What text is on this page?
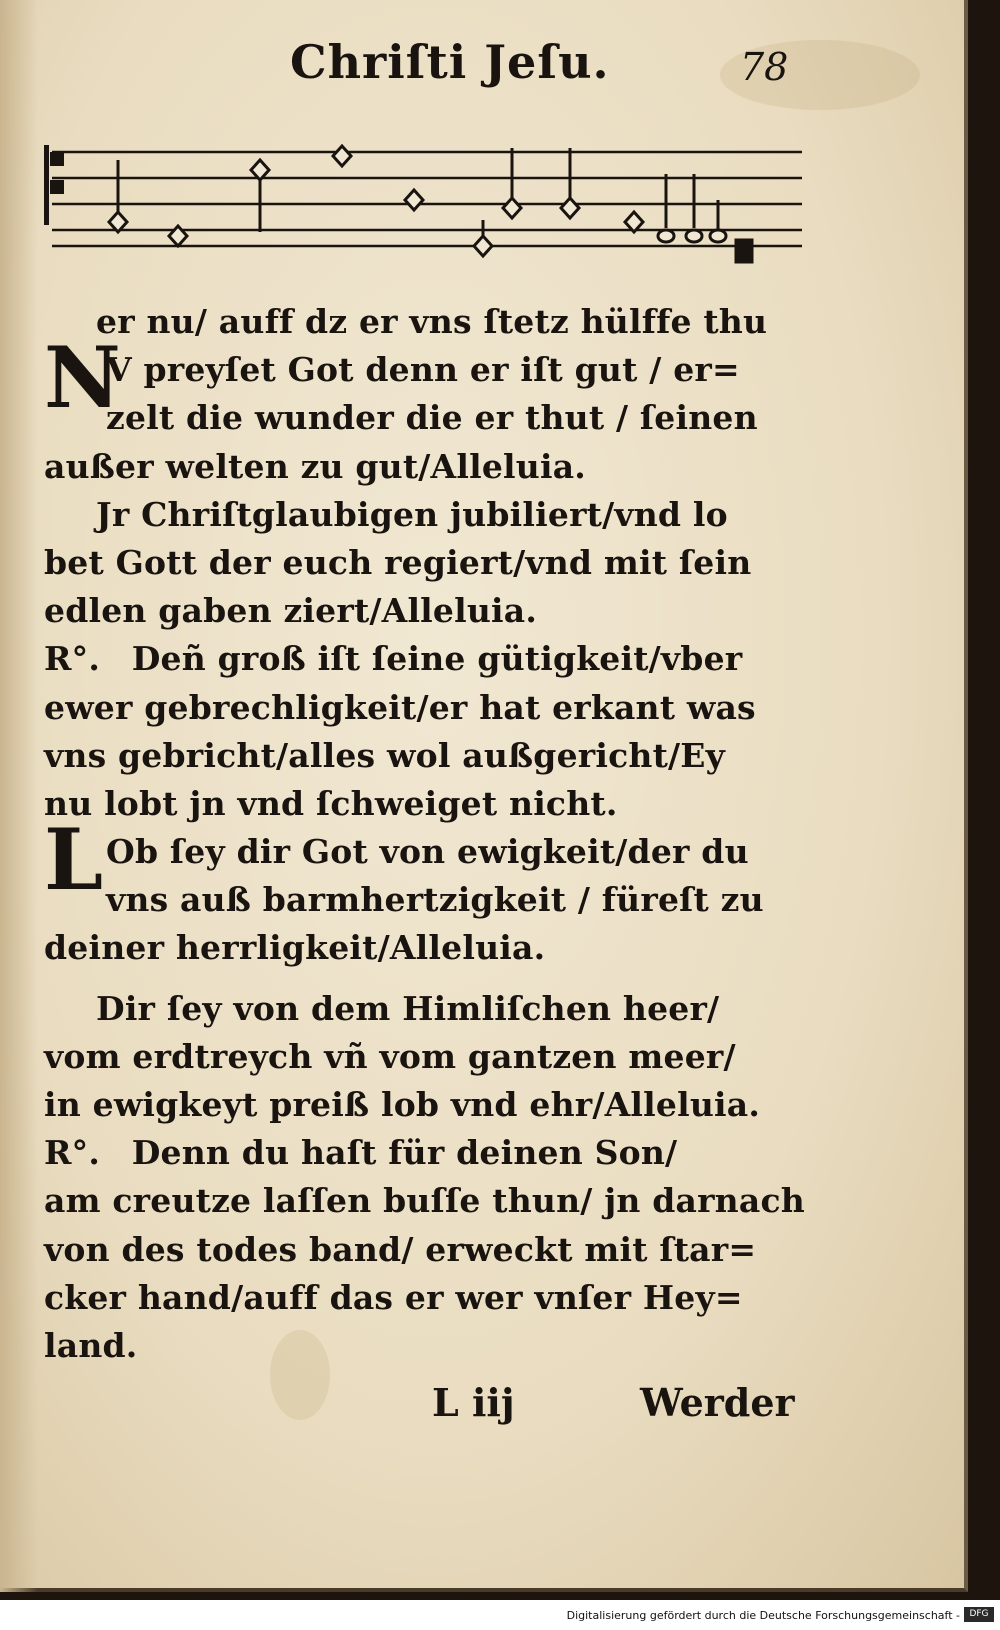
Chriſti Jeſu.	78
er nu/ auff dz er vns ſtetz hülffe thu
N
V preyſet Got denn er iſt gut / er=
zelt die wunder die er thut / ſeinen
außer welten zu gut/Alleluia.
Jr Chriſtglaubigen jubiliert/vnd lo
bet Gott der euch regiert/vnd mit ſein
edlen gaben ziert/Alleluia.
R°. Deñ groß iſt ſeine gütigkeit/vber
ewer gebrechligkeit/er hat erkant was
vns gebricht/alles wol außgericht/Ey
nu lobt jn vnd ſchweiget nicht.
L Ob ſey dir Got von ewigkeit/der du
vns auß barmhertzigkeit / füreſt zu
deiner herrligkeit/Alleluia.
Dir ſey von dem Himliſchen heer/
vom erdtreych vñ vom gantzen meer/
in ewigkeyt preiß lob vnd ehr/Alleluia.
R°. Denn du haſt für deinen Son/
am creutze laſſen buſſe thun/ jn darnach
von des todes band/ erweckt mit ſtar=
cker hand/auff das er wer vnſer Hey=
land.
L iij	Werder
Digitalisierung gefördert durch die Deutsche Forschungsgemeinschaft -	DFG
